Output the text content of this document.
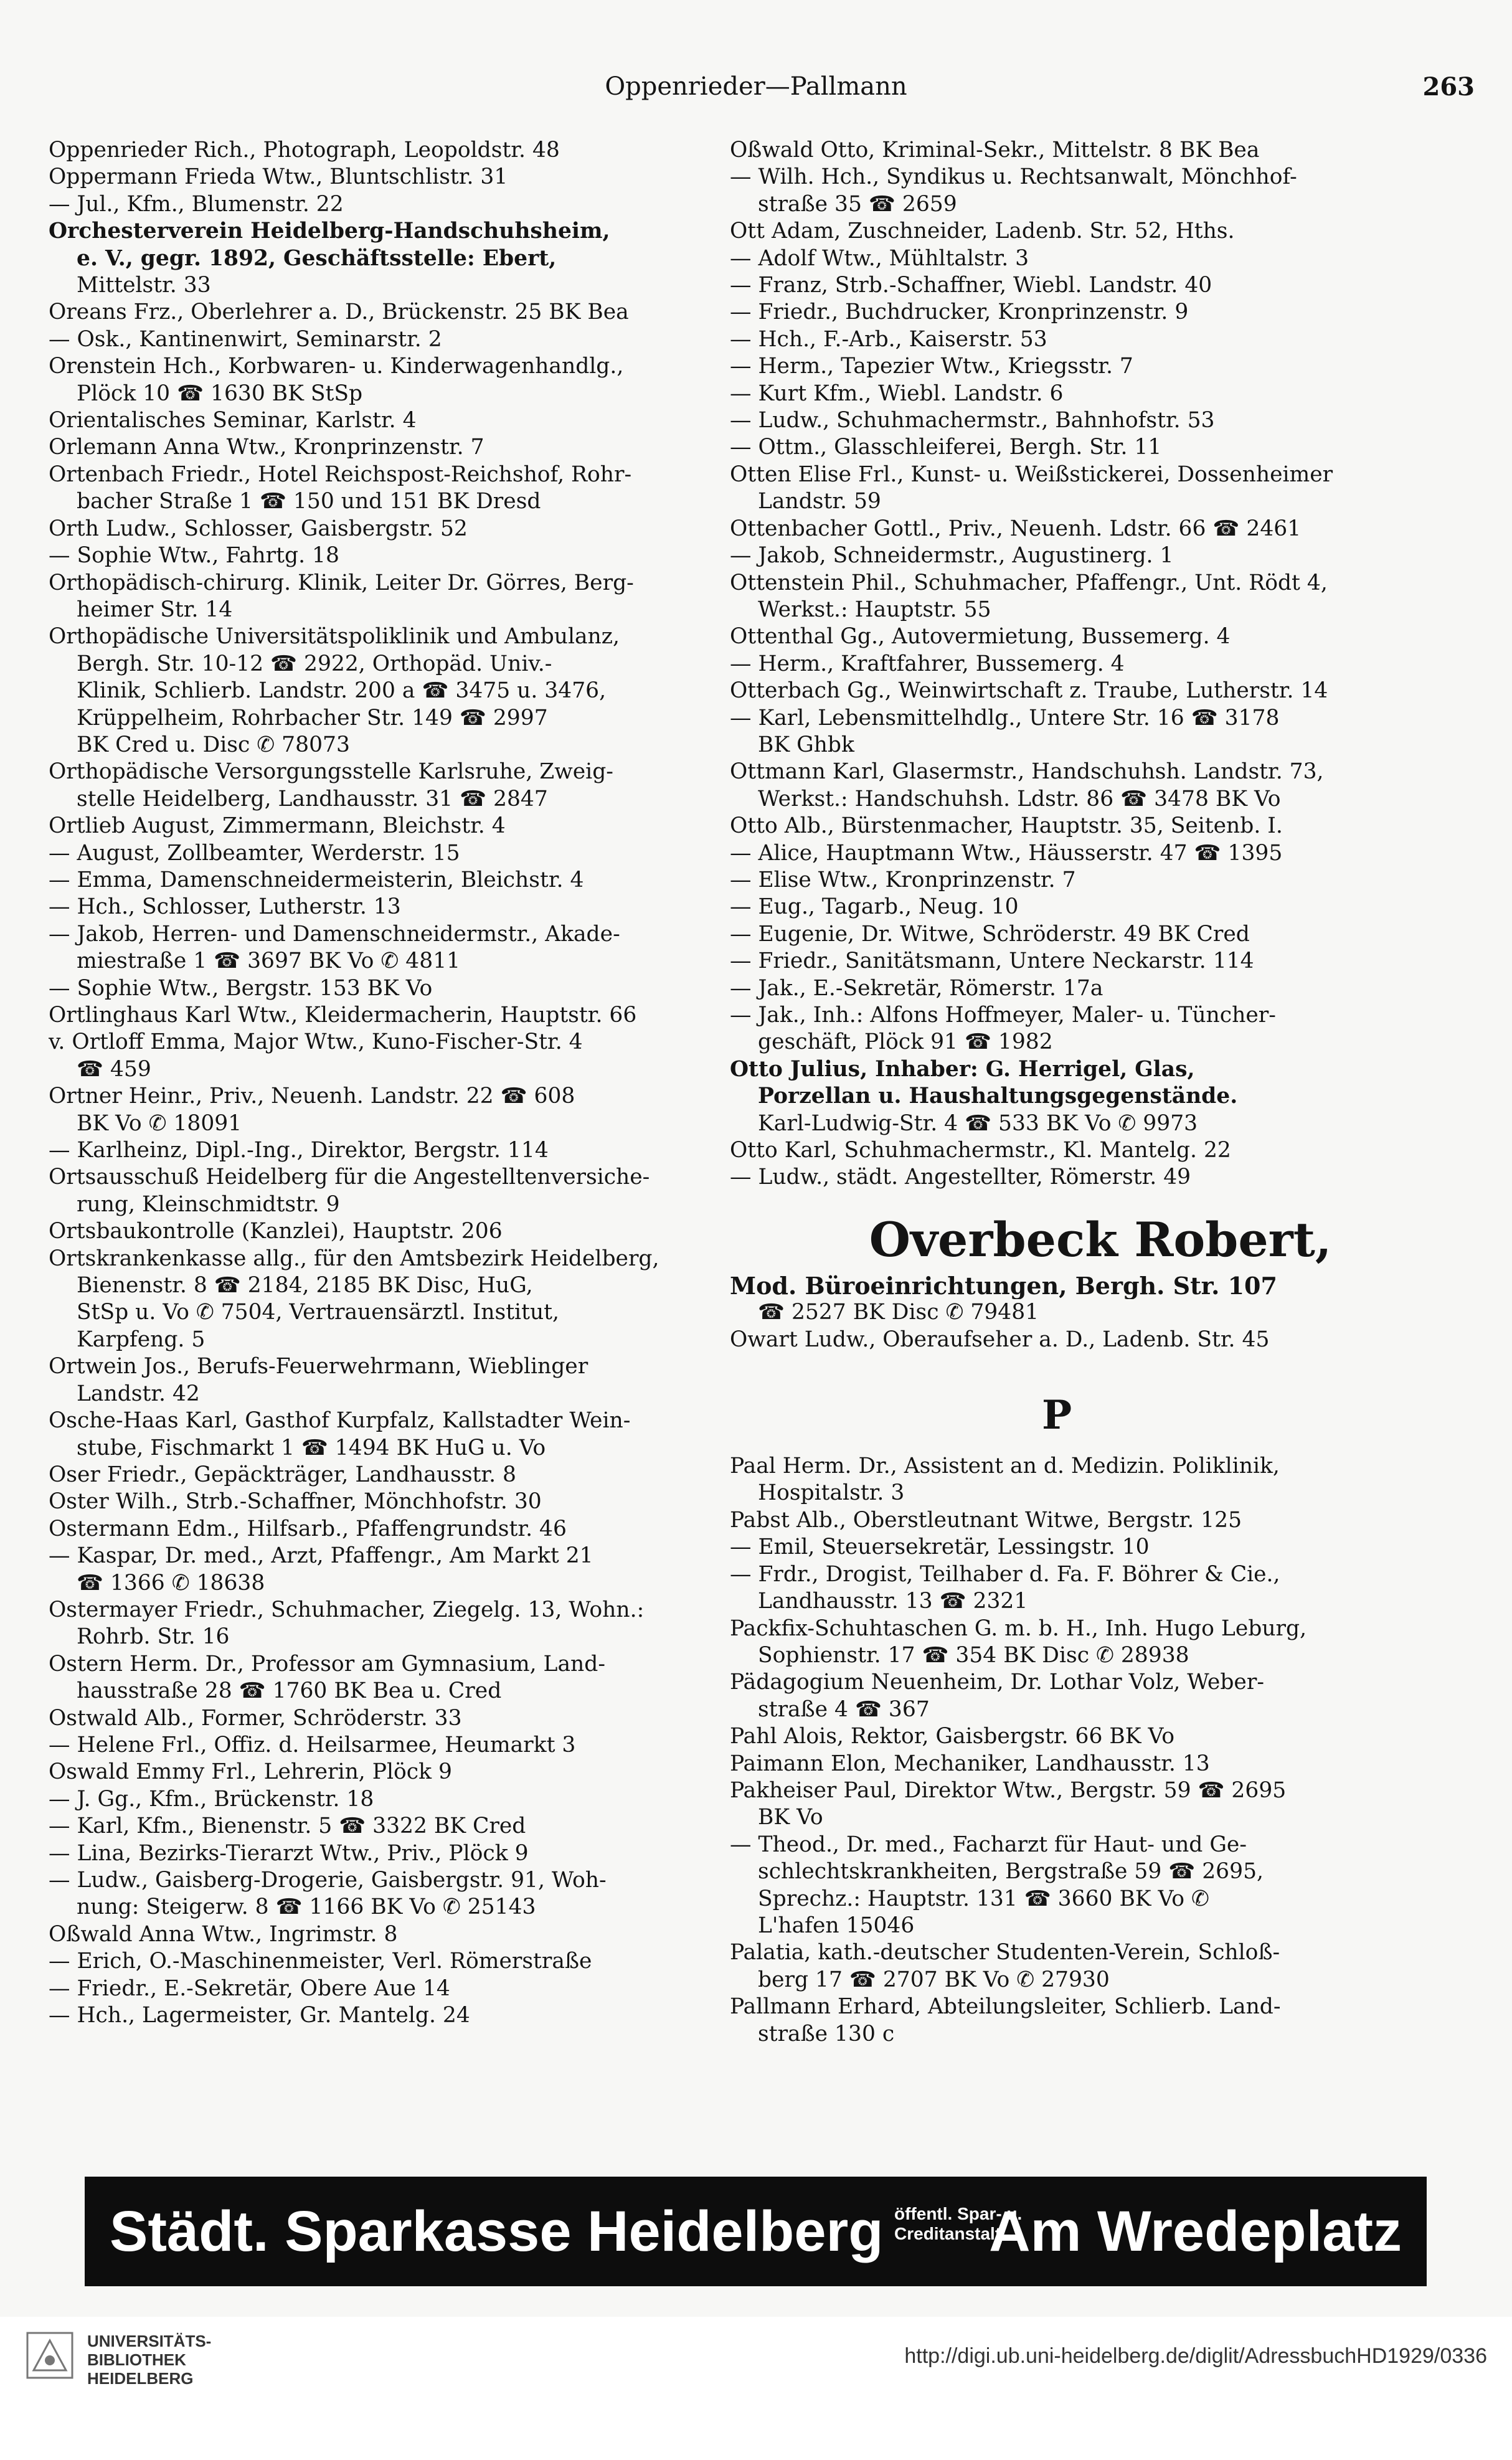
Oppenrieder—Pallmann	263
Oppenrieder Rich., Photograph, Leopoldstr. 48
Oppermann Frieda Wtw., Bluntschlistr. 31
— Jul., Kfm., Blumenstr. 22
Orchesterverein Heidelberg-Handschuhsheim,
e. V., gegr. 1892, Geschäftsstelle: Ebert,
Mittelstr. 33
Oreans Frz., Oberlehrer a. D., Brückenstr. 25 BK Bea
— Osk., Kantinenwirt, Seminarstr. 2
Orenstein Hch., Korbwaren- u. Kinderwagenhandlg.,
Plöck 10 ☎ 1630 BK StSp
Orientalisches Seminar, Karlstr. 4
Orlemann Anna Wtw., Kronprinzenstr. 7
Ortenbach Friedr., Hotel Reichspost-Reichshof, Rohr-
bacher Straße 1 ☎ 150 und 151 BK Dresd
Orth Ludw., Schlosser, Gaisbergstr. 52
— Sophie Wtw., Fahrtg. 18
Orthopädisch-chirurg. Klinik, Leiter Dr. Görres, Berg-
heimer Str. 14
Orthopädische Universitätspoliklinik und Ambulanz,
Bergh. Str. 10-12 ☎ 2922, Orthopäd. Univ.-
Klinik, Schlierb. Landstr. 200 a ☎ 3475 u. 3476,
Krüppelheim, Rohrbacher Str. 149 ☎ 2997
BK Cred u. Disc ✆ 78073
Orthopädische Versorgungsstelle Karlsruhe, Zweig-
stelle Heidelberg, Landhausstr. 31 ☎ 2847
Ortlieb August, Zimmermann, Bleichstr. 4
— August, Zollbeamter, Werderstr. 15
— Emma, Damenschneidermeisterin, Bleichstr. 4
— Hch., Schlosser, Lutherstr. 13
— Jakob, Herren- und Damenschneidermstr., Akade-
miestraße 1 ☎ 3697 BK Vo ✆ 4811
— Sophie Wtw., Bergstr. 153 BK Vo
Ortlinghaus Karl Wtw., Kleidermacherin, Hauptstr. 66
v. Ortloff Emma, Major Wtw., Kuno-Fischer-Str. 4
☎ 459
Ortner Heinr., Priv., Neuenh. Landstr. 22 ☎ 608
BK Vo ✆ 18091
— Karlheinz, Dipl.-Ing., Direktor, Bergstr. 114
Ortsausschuß Heidelberg für die Angestelltenversiche-
rung, Kleinschmidtstr. 9
Ortsbaukontrolle (Kanzlei), Hauptstr. 206
Ortskrankenkasse allg., für den Amtsbezirk Heidelberg,
Bienenstr. 8 ☎ 2184, 2185 BK Disc, HuG,
StSp u. Vo ✆ 7504, Vertrauensärztl. Institut,
Karpfeng. 5
Ortwein Jos., Berufs-Feuerwehrmann, Wieblinger
Landstr. 42
Osche-Haas Karl, Gasthof Kurpfalz, Kallstadter Wein-
stube, Fischmarkt 1 ☎ 1494 BK HuG u. Vo
Oser Friedr., Gepäckträger, Landhausstr. 8
Oster Wilh., Strb.-Schaffner, Mönchhofstr. 30
Ostermann Edm., Hilfsarb., Pfaffengrundstr. 46
— Kaspar, Dr. med., Arzt, Pfaffengr., Am Markt 21
☎ 1366 ✆ 18638
Ostermayer Friedr., Schuhmacher, Ziegelg. 13, Wohn.:
Rohrb. Str. 16
Ostern Herm. Dr., Professor am Gymnasium, Land-
hausstraße 28 ☎ 1760 BK Bea u. Cred
Ostwald Alb., Former, Schröderstr. 33
— Helene Frl., Offiz. d. Heilsarmee, Heumarkt 3
Oswald Emmy Frl., Lehrerin, Plöck 9
— J. Gg., Kfm., Brückenstr. 18
— Karl, Kfm., Bienenstr. 5 ☎ 3322 BK Cred
— Lina, Bezirks-Tierarzt Wtw., Priv., Plöck 9
— Ludw., Gaisberg-Drogerie, Gaisbergstr. 91, Woh-
nung: Steigerw. 8 ☎ 1166 BK Vo ✆ 25143
Oßwald Anna Wtw., Ingrimstr. 8
— Erich, O.-Maschinenmeister, Verl. Römerstraße
— Friedr., E.-Sekretär, Obere Aue 14
— Hch., Lagermeister, Gr. Mantelg. 24
Oßwald Otto, Kriminal-Sekr., Mittelstr. 8 BK Bea
— Wilh. Hch., Syndikus u. Rechtsanwalt, Mönchhof-
straße 35 ☎ 2659
Ott Adam, Zuschneider, Ladenb. Str. 52, Hths.
— Adolf Wtw., Mühltalstr. 3
— Franz, Strb.-Schaffner, Wiebl. Landstr. 40
— Friedr., Buchdrucker, Kronprinzenstr. 9
— Hch., F.-Arb., Kaiserstr. 53
— Herm., Tapezier Wtw., Kriegsstr. 7
— Kurt Kfm., Wiebl. Landstr. 6
— Ludw., Schuhmachermstr., Bahnhofstr. 53
— Ottm., Glasschleiferei, Bergh. Str. 11
Otten Elise Frl., Kunst- u. Weißstickerei, Dossenheimer
Landstr. 59
Ottenbacher Gottl., Priv., Neuenh. Ldstr. 66 ☎ 2461
— Jakob, Schneidermstr., Augustinerg. 1
Ottenstein Phil., Schuhmacher, Pfaffengr., Unt. Rödt 4,
Werkst.: Hauptstr. 55
Ottenthal Gg., Autovermietung, Bussemerg. 4
— Herm., Kraftfahrer, Bussemerg. 4
Otterbach Gg., Weinwirtschaft z. Traube, Lutherstr. 14
— Karl, Lebensmittelhdlg., Untere Str. 16 ☎ 3178
BK Ghbk
Ottmann Karl, Glasermstr., Handschuhsh. Landstr. 73,
Werkst.: Handschuhsh. Ldstr. 86 ☎ 3478 BK Vo
Otto Alb., Bürstenmacher, Hauptstr. 35, Seitenb. I.
— Alice, Hauptmann Wtw., Häusserstr. 47 ☎ 1395
— Elise Wtw., Kronprinzenstr. 7
— Eug., Tagarb., Neug. 10
— Eugenie, Dr. Witwe, Schröderstr. 49 BK Cred
— Friedr., Sanitätsmann, Untere Neckarstr. 114
— Jak., E.-Sekretär, Römerstr. 17a
— Jak., Inh.: Alfons Hoffmeyer, Maler- u. Tüncher-
geschäft, Plöck 91 ☎ 1982
Otto Julius, Inhaber: G. Herrigel, Glas,
Porzellan u. Haushaltungsgegenstände.
Karl-Ludwig-Str. 4 ☎ 533 BK Vo ✆ 9973
Otto Karl, Schuhmachermstr., Kl. Mantelg. 22
— Ludw., städt. Angestellter, Römerstr. 49
Overbeck Robert,
Mod. Büroeinrichtungen, Bergh. Str. 107
☎ 2527 BK Disc ✆ 79481
Owart Ludw., Oberaufseher a. D., Ladenb. Str. 45
P
Paal Herm. Dr., Assistent an d. Medizin. Poliklinik,
Hospitalstr. 3
Pabst Alb., Oberstleutnant Witwe, Bergstr. 125
— Emil, Steuersekretär, Lessingstr. 10
— Frdr., Drogist, Teilhaber d. Fa. F. Böhrer & Cie.,
Landhausstr. 13 ☎ 2321
Packfix-Schuhtaschen G. m. b. H., Inh. Hugo Leburg,
Sophienstr. 17 ☎ 354 BK Disc ✆ 28938
Pädagogium Neuenheim, Dr. Lothar Volz, Weber-
straße 4 ☎ 367
Pahl Alois, Rektor, Gaisbergstr. 66 BK Vo
Paimann Elon, Mechaniker, Landhausstr. 13
Pakheiser Paul, Direktor Wtw., Bergstr. 59 ☎ 2695
BK Vo
— Theod., Dr. med., Facharzt für Haut- und Ge-
schlechtskrankheiten, Bergstraße 59 ☎ 2695,
Sprechz.: Hauptstr. 131 ☎ 3660 BK Vo ✆
L'hafen 15046
Palatia, kath.-deutscher Studenten-Verein, Schloß-
berg 17 ☎ 2707 BK Vo ✆ 27930
Pallmann Erhard, Abteilungsleiter, Schlierb. Land-
straße 130 c
Städt. Sparkasse Heidelberg öffentl. Spar- u.
Creditanstalt
Am Wredeplatz
UNIVERSITÄTS-
BIBLIOTHEK
HEIDELBERG
http://digi.ub.uni-heidelberg.de/diglit/AdressbuchHD1929/0336
